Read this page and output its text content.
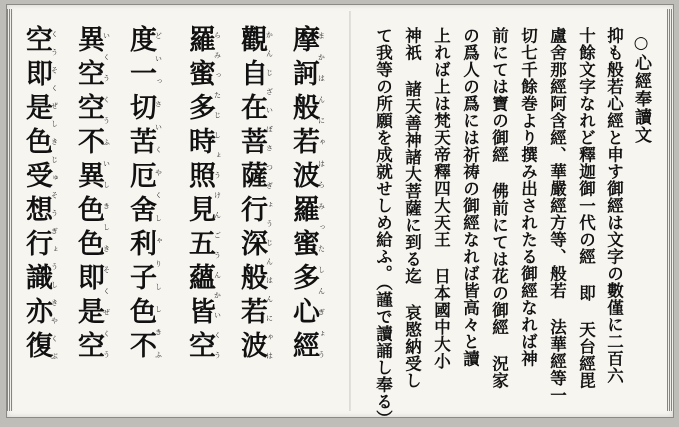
○心經奉讀文
抑も般若心經と申す御經は文字の數僅に二百六
十餘文字なれど釋迦御一代の經 即 天台經毘
盧舍那經阿含經、華嚴經方等、般若 法華經等一
切七千餘巻より撰み出されたる御經なれば神
前にては寶の御經 佛前にては花の御經 況家
の爲人の爲には祈祷の御經なれば皆高々と讀
上れば上は梵天帝釋四大天王 日本國中大小
神祇 諸天善神諸大菩薩に到る迄 哀愍納受し
て我等の所願を成就せしめ給ふ。（謹で讀誦し奉る）
摩訶般若波羅蜜多心經まかはんにゃはらみったしんぎょう
觀自在菩薩行深般若波かんじざいぼさつぎょうじんはんにゃは
羅蜜多時照見五蘊皆空らみったじしょうけんごうんかいくう
度一切苦厄舍利子色不どいっさいくやくしゃりししきふ
異空空不異色色即是空いくうくうふいしきしきそくぜくう
空即是色受想行識亦復くうそくぜしきじゅそうぎょうしきやくぶ
